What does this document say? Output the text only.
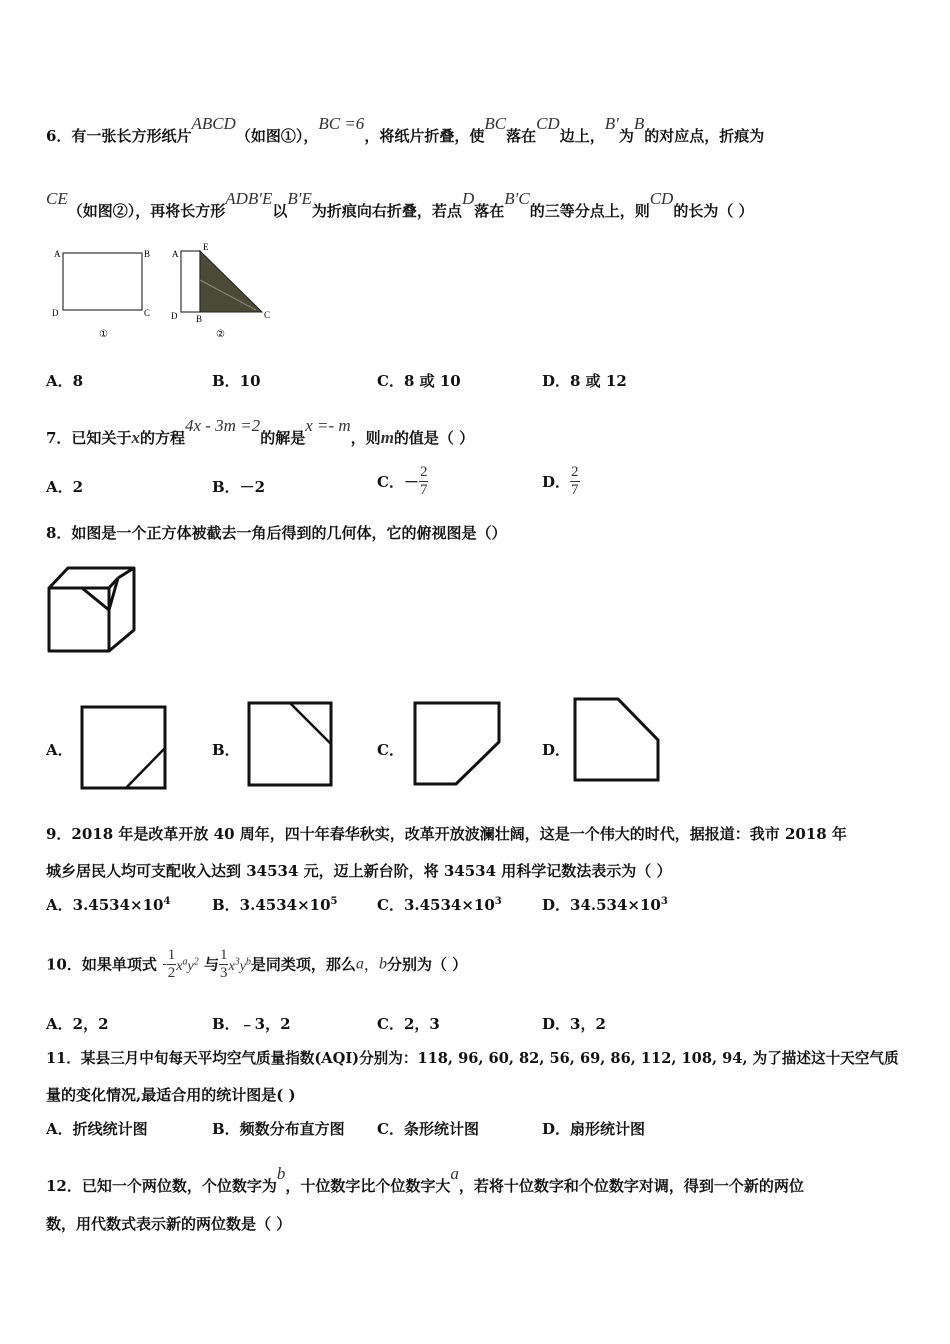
6．有一张长方形纸片ABCD（如图①），BC =6，将纸片折叠，使BC落在CD边上，B′为B的对应点，折痕为
CE（如图②），再将长方形ADB′E以B′E为折痕向右折叠，若点D落在B′C的三等分点上，则CD的长为（ ）
A	B
C
D
①
A
E
D B	C
②
A．8	B．10	C．8 或 10	D．8 或 12
7．已知关于x的方程4x - 3m =2的解是x =- m，则m的值是（ ）
A．2	B．－2	C．－ $\frac{2}{7}$	D． $\frac{2}{7}$
8．如图是一个正方体被截去一角后得到的几何体，它的俯视图是（）
A．	B．	C．	D．
9．2018 年是改革开放 40 周年，四十年春华秋实，改革开放波澜壮阔，这是一个伟大的时代，据报道：我市 2018 年
城乡居民人均可支配收入达到 34534 元，迈上新台阶，将 34534 用科学记数法表示为（ ）
A．$3.4534\times 10^4$	B．$3.4534\times 10^5$	C．$3.4534\times 10^3$	D．$34.534\times 10^3$
10．如果单项式 - $\frac{1}{2} x^ay^2$ 与 $\frac{1}{3} x^3y^b$是同类项，那么a，b分别为（ ）
A．2，2	B．﹣3，2	C．2，3	D．3，2
11．某县三月中旬每天平均空气质量指数(AQI)分别为：118, 96, 60, 82, 56, 69, 86, 112, 108, 94, 为了描述这十天空气质
量的变化情况,最适合用的统计图是( )
A．折线统计图	B．频数分布直方图 C．条形统计图	D．扇形统计图
12．已知一个两位数，个位数字为b，十位数字比个位数字大a，若将十位数字和个位数字对调，得到一个新的两位
数，用代数式表示新的两位数是（ ）
